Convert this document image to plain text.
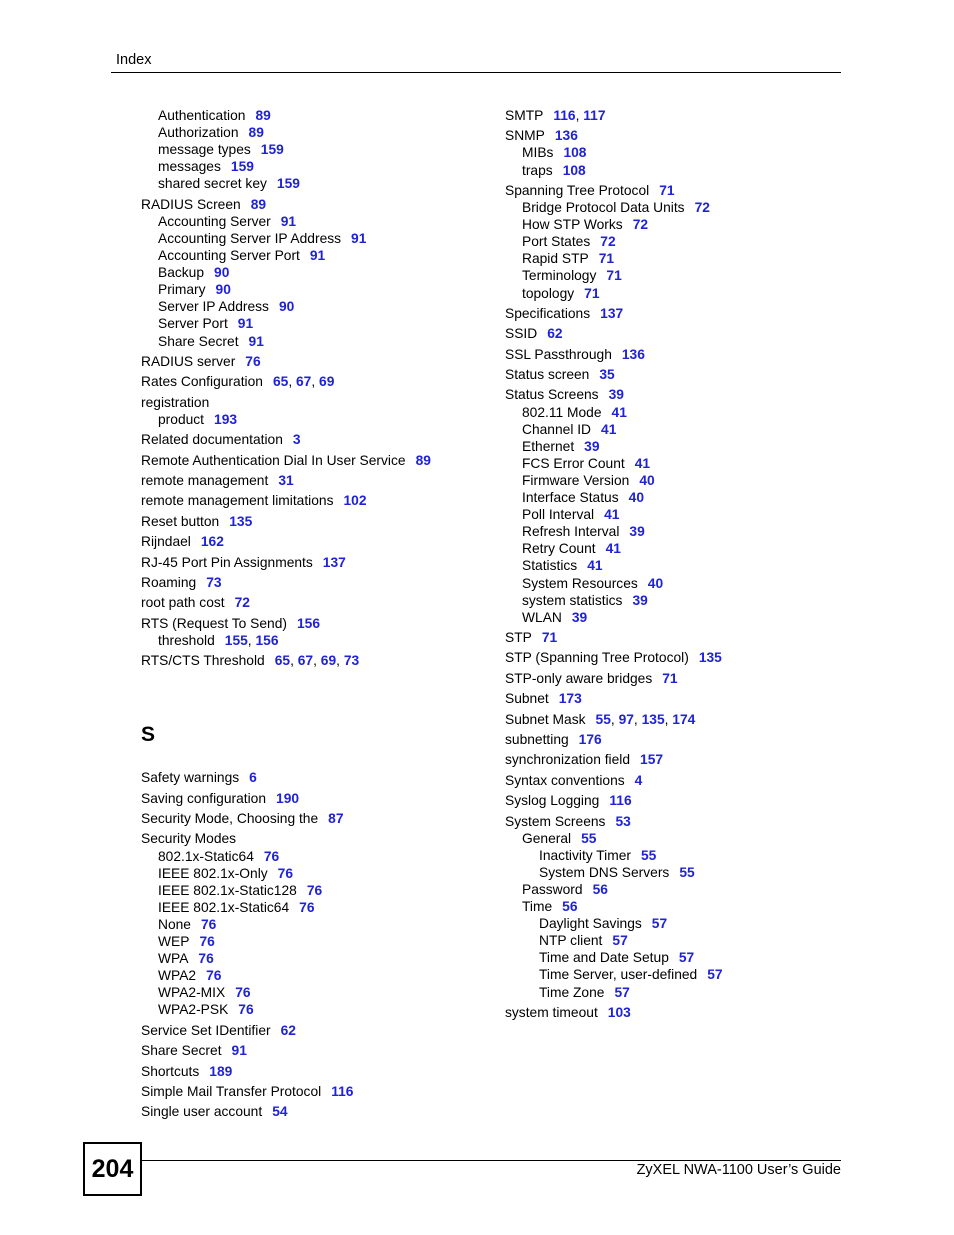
Index
Authentication 89
Authorization 89
message types 159
messages 159
shared secret key 159
RADIUS Screen 89
Accounting Server 91
Accounting Server IP Address 91
Accounting Server Port 91
Backup 90
Primary 90
Server IP Address 90
Server Port 91
Share Secret 91
RADIUS server 76
Rates Configuration 65, 67, 69
registration
product 193
Related documentation 3
Remote Authentication Dial In User Service 89
remote management 31
remote management limitations 102
Reset button 135
Rijndael 162
RJ-45 Port Pin Assignments 137
Roaming 73
root path cost 72
RTS (Request To Send) 156
threshold 155, 156
RTS/CTS Threshold 65, 67, 69, 73
S
Safety warnings 6
Saving configuration 190
Security Mode, Choosing the 87
Security Modes
802.1x-Static64 76
IEEE 802.1x-Only 76
IEEE 802.1x-Static128 76
IEEE 802.1x-Static64 76
None 76
WEP 76
WPA 76
WPA2 76
WPA2-MIX 76
WPA2-PSK 76
Service Set IDentifier 62
Share Secret 91
Shortcuts 189
Simple Mail Transfer Protocol 116
Single user account 54
SMTP 116, 117
SNMP 136
MIBs 108
traps 108
Spanning Tree Protocol 71
Bridge Protocol Data Units 72
How STP Works 72
Port States 72
Rapid STP 71
Terminology 71
topology 71
Specifications 137
SSID 62
SSL Passthrough 136
Status screen 35
Status Screens 39
802.11 Mode 41
Channel ID 41
Ethernet 39
FCS Error Count 41
Firmware Version 40
Interface Status 40
Poll Interval 41
Refresh Interval 39
Retry Count 41
Statistics 41
System Resources 40
system statistics 39
WLAN 39
STP 71
STP (Spanning Tree Protocol) 135
STP-only aware bridges 71
Subnet 173
Subnet Mask 55, 97, 135, 174
subnetting 176
synchronization field 157
Syntax conventions 4
Syslog Logging 116
System Screens 53
General 55
Inactivity Timer 55
System DNS Servers 55
Password 56
Time 56
Daylight Savings 57
NTP client 57
Time and Date Setup 57
Time Server, user-defined 57
Time Zone 57
system timeout 103
204	ZyXEL NWA-1100 User’s Guide
